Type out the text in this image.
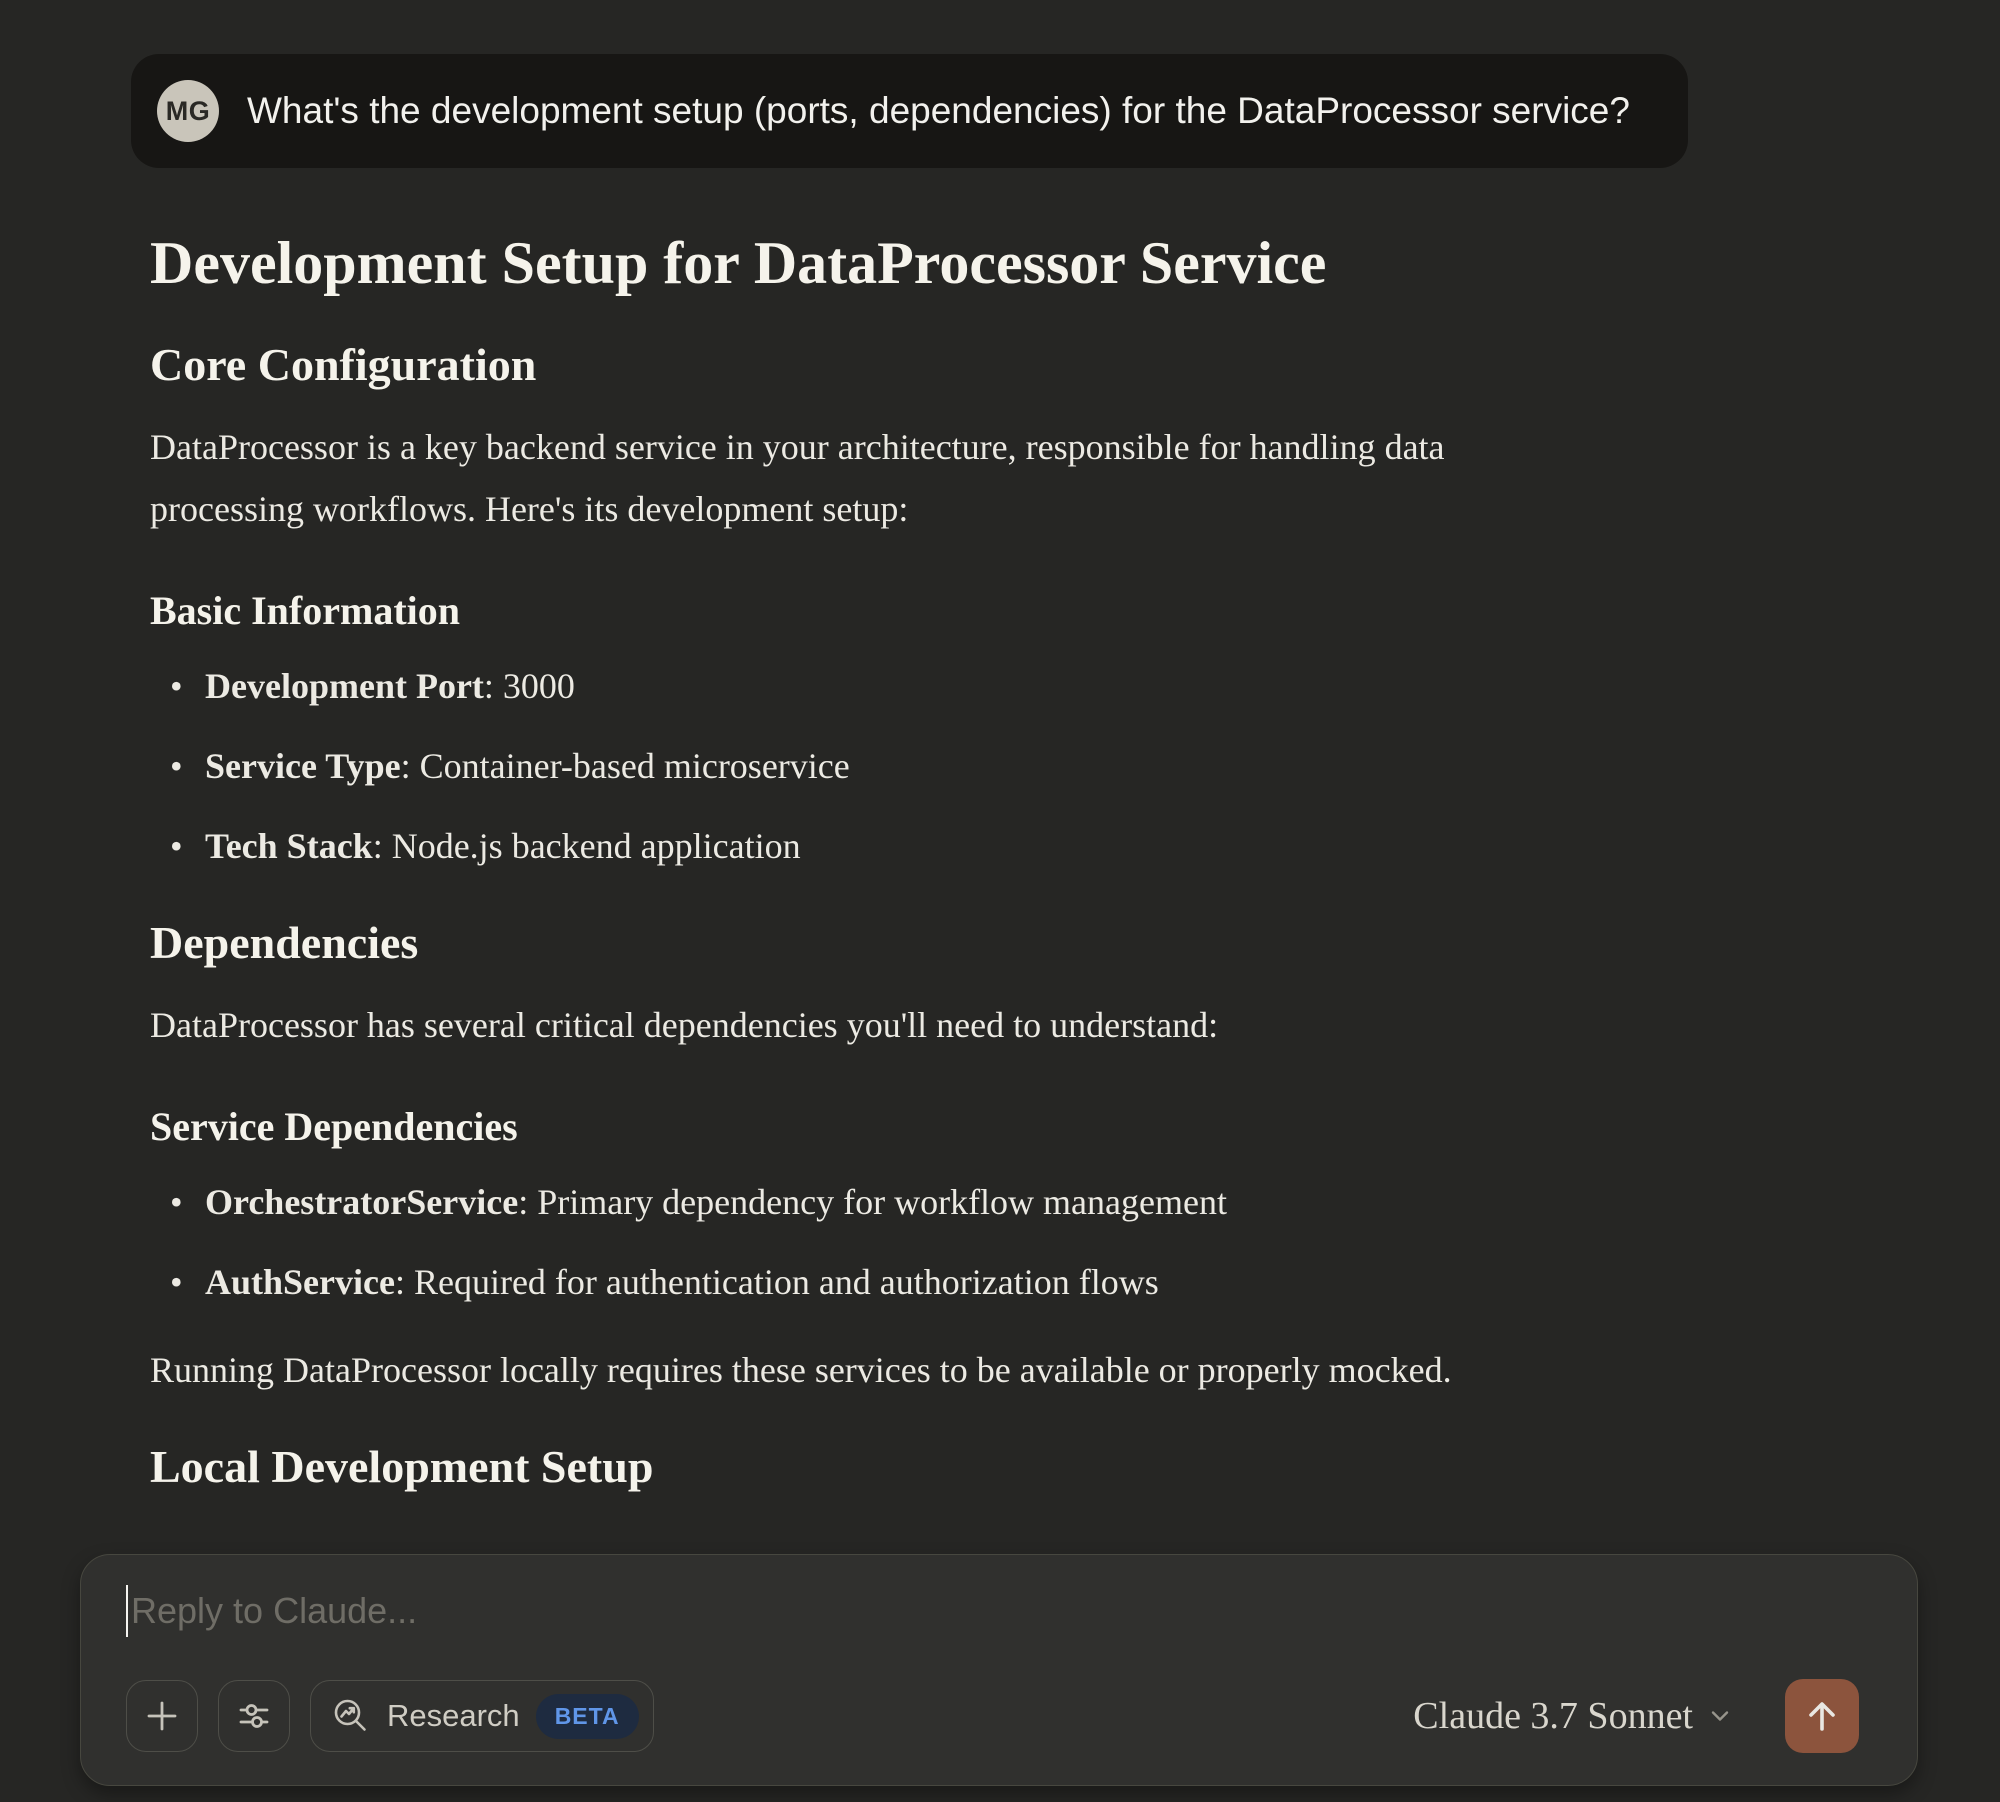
MG What's the development setup (ports, dependencies) for the DataProcessor service?
Development Setup for DataProcessor Service
Core Configuration

DataProcessor is a key backend service in your architecture, responsible for handling data
processing workflows. Here's its development setup:

Basic Information
• Development Port: 3000
• Service Type: Container-based microservice
• Tech Stack: Node.js backend application
Dependencies

DataProcessor has several critical dependencies you'll need to understand:

Service Dependencies
• OrchestratorService: Primary dependency for workflow management
• AuthService: Required for authentication and authorization flows

Running DataProcessor locally requires these services to be available or properly mocked.

Local Development Setup
Reply to Claude...
Research	BETA	Claude 3.7 Sonnet
